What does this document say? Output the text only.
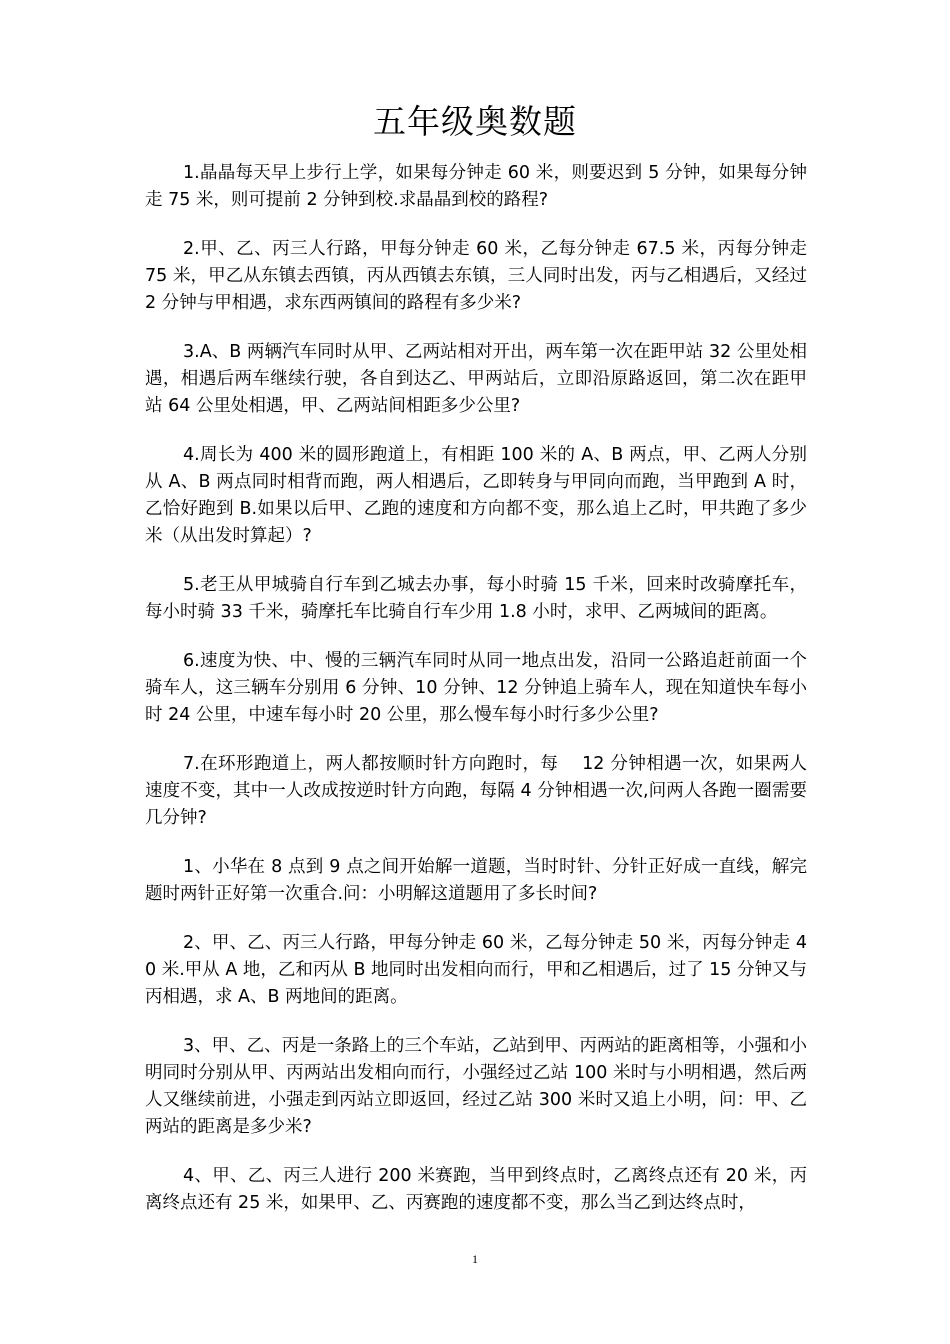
五年级奥数题

1.晶晶每天早上步行上学，如果每分钟走 60 米，则要迟到 5 分钟，如果每分钟走 75 米，则可提前 2 分钟到校.求晶晶到校的路程?

2.甲、乙、丙三人行路，甲每分钟走 60 米，乙每分钟走 67.5 米，丙每分钟走 75 米，甲乙从东镇去西镇，丙从西镇去东镇，三人同时出发，丙与乙相遇后，又经过 2 分钟与甲相遇，求东西两镇间的路程有多少米?

3.A、B 两辆汽车同时从甲、乙两站相对开出，两车第一次在距甲站 32 公里处相遇，相遇后两车继续行驶，各自到达乙、甲两站后，立即沿原路返回，第二次在距甲站 64 公里处相遇，甲、乙两站间相距多少公里?

4.周长为 400 米的圆形跑道上，有相距 100 米的 A、B 两点，甲、乙两人分别从 A、B 两点同时相背而跑，两人相遇后，乙即转身与甲同向而跑，当甲跑到 A 时，乙恰好跑到 B.如果以后甲、乙跑的速度和方向都不变，那么追上乙时，甲共跑了多少米（从出发时算起）?

5.老王从甲城骑自行车到乙城去办事，每小时骑 15 千米，回来时改骑摩托车，每小时骑 33 千米，骑摩托车比骑自行车少用 1.8 小时，求甲、乙两城间的距离。

6.速度为快、中、慢的三辆汽车同时从同一地点出发，沿同一公路追赶前面一个骑车人，这三辆车分别用 6 分钟、10 分钟、12 分钟追上骑车人，现在知道快车每小时 24 公里，中速车每小时 20 公里，那么慢车每小时行多少公里?

7.在环形跑道上，两人都按顺时针方向跑时，每　 12 分钟相遇一次，如果两人速度不变，其中一人改成按逆时针方向跑，每隔 4 分钟相遇一次,问两人各跑一圈需要几分钟?

1、小华在 8 点到 9 点之间开始解一道题，当时时针、分针正好成一直线，解完题时两针正好第一次重合.问：小明解这道题用了多长时间?

2、甲、乙、丙三人行路，甲每分钟走 60 米，乙每分钟走 50 米，丙每分钟走 40 米.甲从 A 地，乙和丙从 B 地同时出发相向而行，甲和乙相遇后，过了 15 分钟又与丙相遇，求 A、B 两地间的距离。

3、甲、乙、丙是一条路上的三个车站，乙站到甲、丙两站的距离相等，小强和小明同时分别从甲、丙两站出发相向而行，小强经过乙站 100 米时与小明相遇，然后两人又继续前进，小强走到丙站立即返回，经过乙站 300 米时又追上小明，问：甲、乙两站的距离是多少米?

4、甲、乙、丙三人进行 200 米赛跑，当甲到终点时，乙离终点还有 20 米，丙离终点还有 25 米，如果甲、乙、丙赛跑的速度都不变，那么当乙到达终点时，

1
